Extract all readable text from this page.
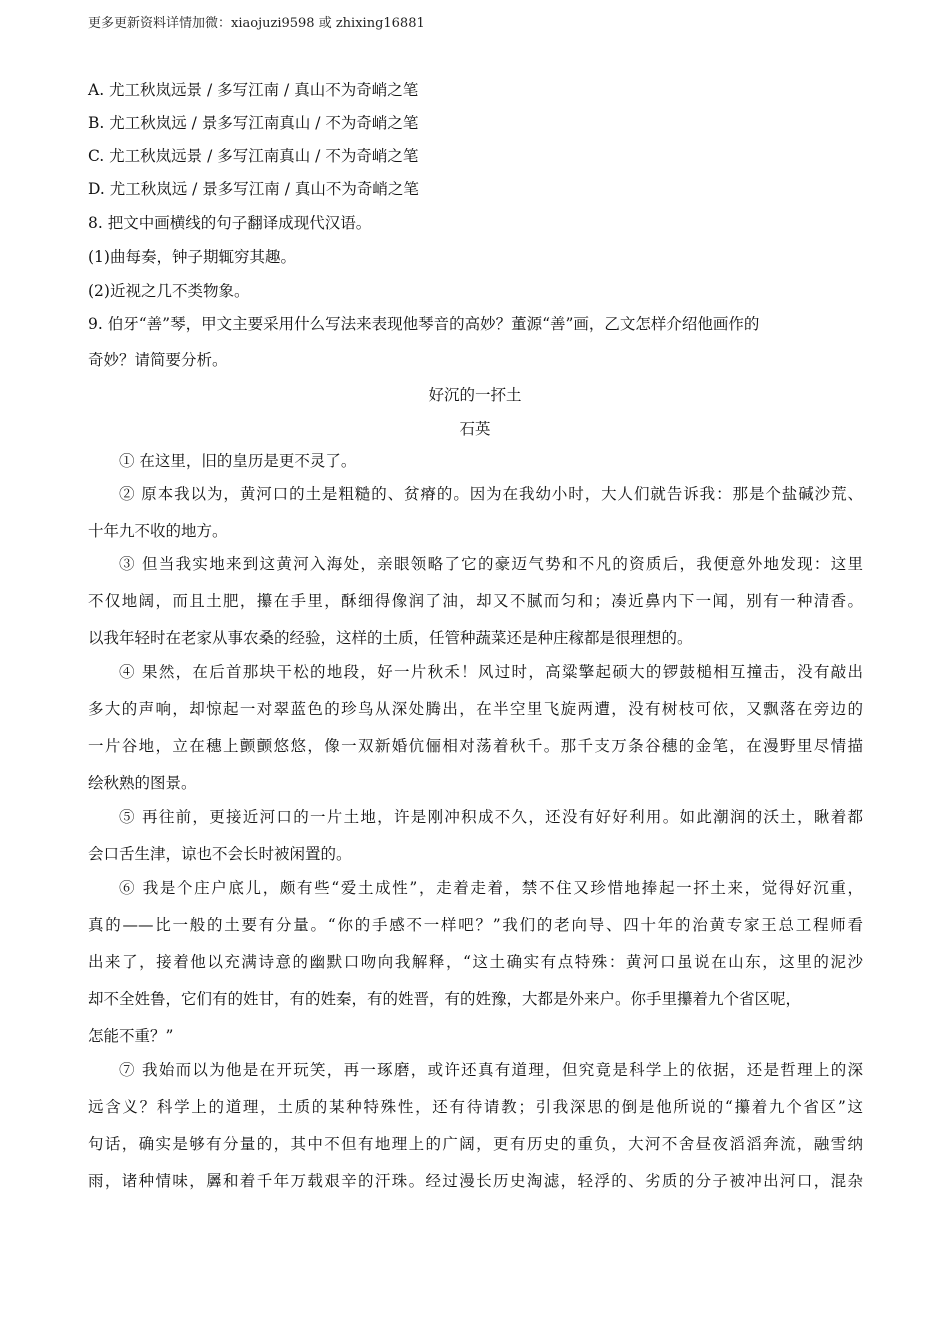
更多更新资料详情加微：xiaojuzi9598 或 zhixing16881
A. 尤工秋岚远景 / 多写江南 / 真山不为奇峭之笔
B. 尤工秋岚远 / 景多写江南真山 / 不为奇峭之笔
C. 尤工秋岚远景 / 多写江南真山 / 不为奇峭之笔
D. 尤工秋岚远 / 景多写江南 / 真山不为奇峭之笔
8. 把文中画横线的句子翻译成现代汉语。
(1)曲每奏，钟子期辄穷其趣。
(2)近视之几不类物象。
9. 伯牙“善”琴，甲文主要采用什么写法来表现他琴音的高妙？董源“善”画，乙文怎样介绍他画作的
奇妙？请简要分析。
好沉的一抔土
石英
① 在这里，旧的皇历是更不灵了。
② 原本我以为，黄河口的土是粗糙的、贫瘠的。因为在我幼小时，大人们就告诉我：那是个盐碱沙荒、
十年九不收的地方。
③ 但当我实地来到这黄河入海处，亲眼领略了它的豪迈气势和不凡的资质后，我便意外地发现：这里
不仅地阔，而且土肥，攥在手里，酥细得像润了油，却又不腻而匀和；凑近鼻内下一闻，别有一种清香。
以我年轻时在老家从事农桑的经验，这样的土质，任管种蔬菜还是种庄稼都是很理想的。
④ 果然，在后首那块干松的地段，好一片秋禾！风过时，高粱擎起硕大的锣鼓槌相互撞击，没有敲出
多大的声响，却惊起一对翠蓝色的珍鸟从深处腾出，在半空里飞旋两遭，没有树枝可依，又飘落在旁边的
一片谷地，立在穗上颤颤悠悠，像一双新婚伉俪相对荡着秋千。那千支万条谷穗的金笔，在漫野里尽情描
绘秋熟的图景。
⑤ 再往前，更接近河口的一片土地，许是刚冲积成不久，还没有好好利用。如此潮润的沃土，瞅着都
会口舌生津，谅也不会长时被闲置的。
⑥ 我是个庄户底儿，颇有些“爱土成性”，走着走着，禁不住又珍惜地捧起一抔土来，觉得好沉重，
真的——比一般的土要有分量。“你的手感不一样吧？”我们的老向导、四十年的治黄专家王总工程师看
出来了，接着他以充满诗意的幽默口吻向我解释，“这土确实有点特殊：黄河口虽说在山东，这里的泥沙
却不全姓鲁，它们有的姓甘，有的姓秦，有的姓晋，有的姓豫，大都是外来户。你手里攥着九个省区呢，
怎能不重？”
⑦ 我始而以为他是在开玩笑，再一琢磨，或许还真有道理，但究竟是科学上的依据，还是哲理上的深
远含义？科学上的道理，土质的某种特殊性，还有待请教；引我深思的倒是他所说的“攥着九个省区”这
句话，确实是够有分量的，其中不但有地理上的广阔，更有历史的重负，大河不舍昼夜滔滔奔流，融雪纳
雨，诸种情味，羼和着千年万载艰辛的汗珠。经过漫长历史淘滤，轻浮的、劣质的分子被冲出河口，混杂
